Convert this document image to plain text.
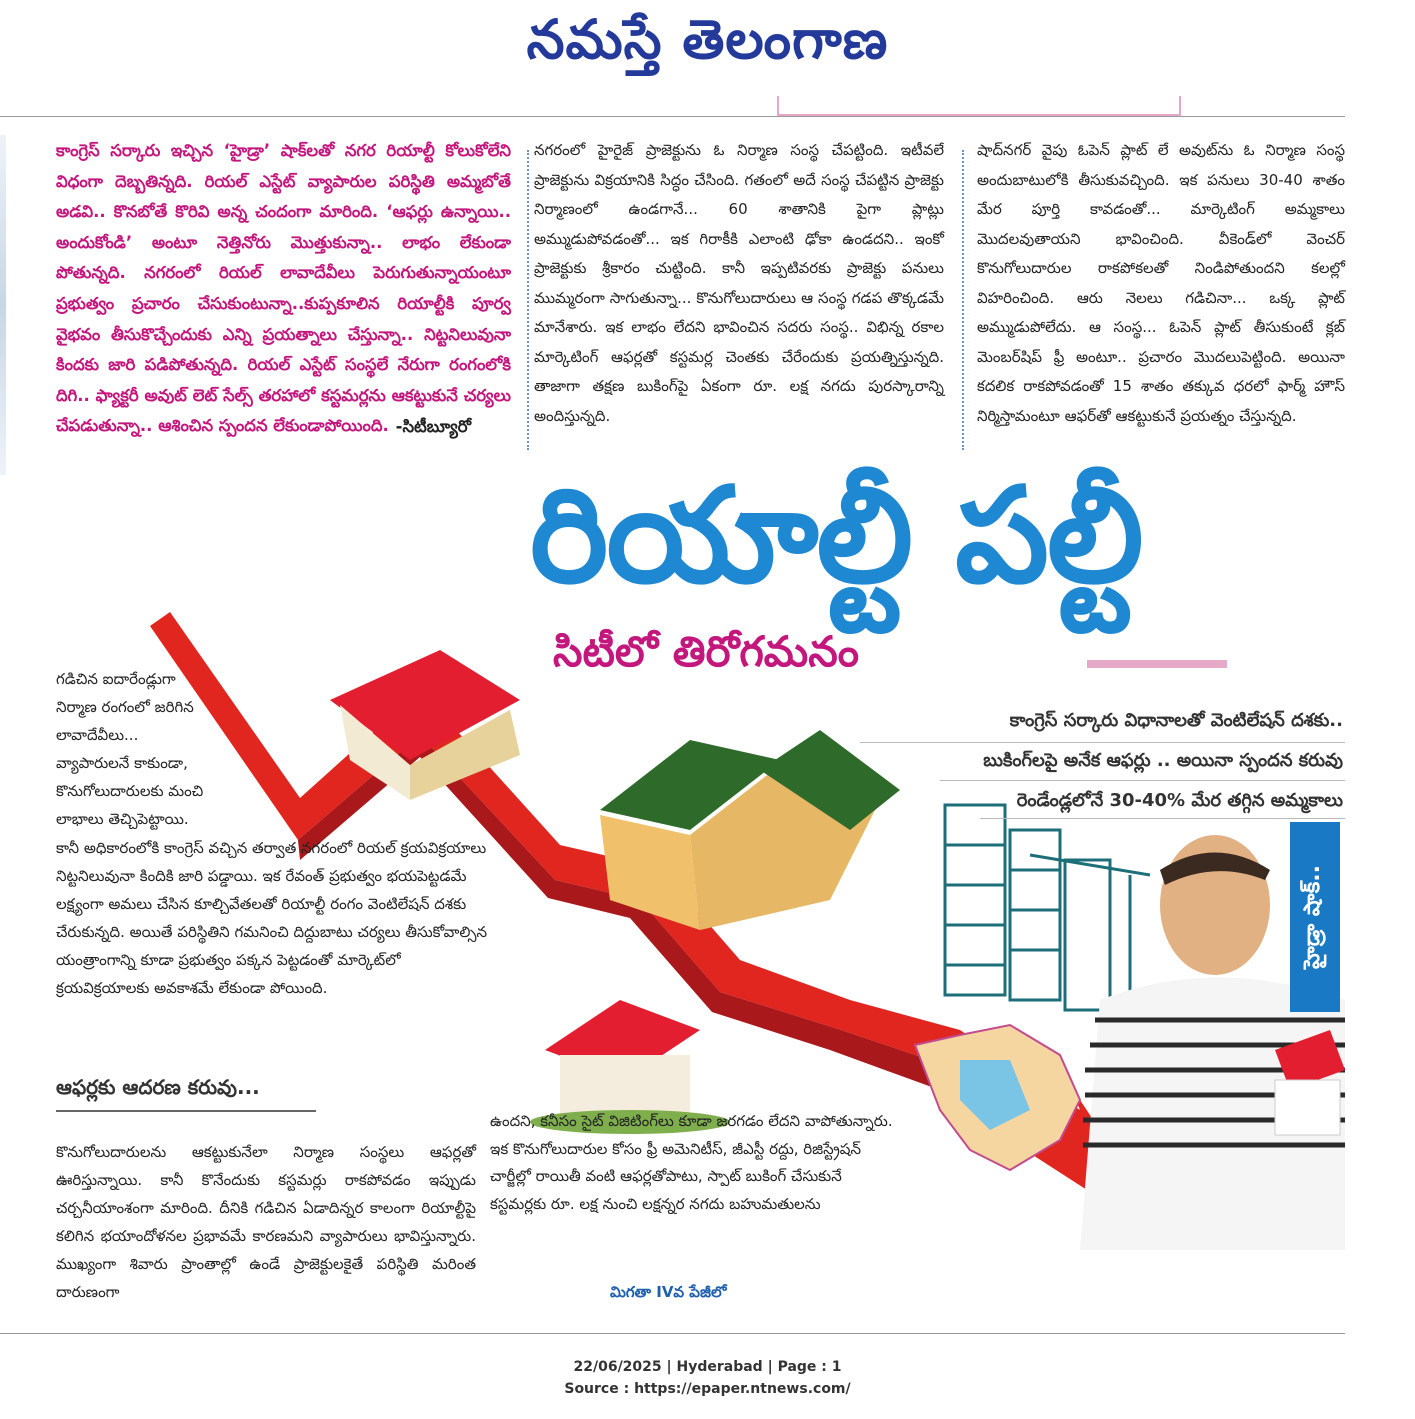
నమస్తే తెలంగాణ

కాంగ్రెస్ సర్కారు ఇచ్చిన ‘హైడ్రా’ షాక్‌లతో నగర రియాల్టీ కోలుకోలేని విధంగా దెబ్బతిన్నది. రియల్ ఎస్టేట్ వ్యాపారుల పరిస్థితి అమ్మబోతే అడవి.. కొనబోతే కొరివి అన్న చందంగా మారింది. ‘ఆఫర్లు ఉన్నాయి.. అందుకోండి’ అంటూ నెత్తినోరు మొత్తుకున్నా.. లాభం లేకుండా పోతున్నది. నగరంలో రియల్ లావాదేవీలు పెరుగుతున్నాయంటూ ప్రభుత్వం ప్రచారం చేసుకుంటున్నా..కుప్పకూలిన రియాల్టీకి పూర్వ వైభవం తీసుకొచ్చేందుకు ఎన్ని ప్రయత్నాలు చేస్తున్నా.. నిట్టనిలువునా కిందకు జారి పడిపోతున్నది. రియల్ ఎస్టేట్ సంస్థలే నేరుగా రంగంలోకి దిగి.. ఫ్యాక్టరీ అవుట్ లెట్ సేల్స్ తరహాలో కస్టమర్లను ఆకట్టుకునే చర్యలు చేపడుతున్నా.. ఆశించిన స్పందన లేకుండాపోయింది. -సిటీబ్యూరో
నగరంలో హైరైజ్ ప్రాజెక్టును ఓ నిర్మాణ సంస్థ చేపట్టింది. ఇటీవలే ప్రాజెక్టును విక్రయానికి సిద్ధం చేసింది. గతంలో అదే సంస్థ చేపట్టిన ప్రాజెక్టు నిర్మాణంలో ఉండగానే... 60 శాతానికి పైగా ప్లాట్లు అమ్ముడుపోవడంతో... ఇక గిరాకీకి ఎలాంటి ఢోకా ఉండదని.. ఇంకో ప్రాజెక్టుకు శ్రీకారం చుట్టింది. కానీ ఇప్పటివరకు ప్రాజెక్టు పనులు ముమ్మరంగా సాగుతున్నా... కొనుగోలుదారులు ఆ సంస్థ గడప తొక్కడమే మానేశారు. ఇక లాభం లేదని భావించిన సదరు సంస్థ.. విభిన్న రకాల మార్కెటింగ్ ఆఫర్లతో కస్టమర్ల చెంతకు చేరేందుకు ప్రయత్నిస్తున్నది. తాజాగా తక్షణ బుకింగ్‌పై ఏకంగా రూ. లక్ష నగదు పురస్కారాన్ని అందిస్తున్నది.
షాద్‌నగర్ వైపు ఓపెన్ ప్లాట్ లే అవుట్‌ను ఓ నిర్మాణ సంస్థ అందుబాటులోకి తీసుకువచ్చింది. ఇక పనులు 30-40 శాతం మేర పూర్తి కావడంతో... మార్కెటింగ్ అమ్మకాలు మొదలవుతాయని భావించింది. వీకెండ్‌లో వెంచర్ కొనుగోలుదారుల రాకపోకలతో నిండిపోతుందని కలల్లో విహరించింది. ఆరు నెలలు గడిచినా... ఒక్క ప్లాట్ అమ్ముడుపోలేదు. ఆ సంస్థ... ఓపెన్ ప్లాట్ తీసుకుంటే క్లబ్ మెంబర్‌షిప్ ఫ్రీ అంటూ.. ప్రచారం మొదలుపెట్టింది. అయినా కదలిక రాకపోవడంతో 15 శాతం తక్కువ ధరలో ఫార్మ్ హౌస్ నిర్మిస్తామంటూ ఆఫర్‌తో ఆకట్టుకునే ప్రయత్నం చేస్తున్నది.
రియాల్టీ పల్టీ
సిటీలో తిరోగమనం
కాంగ్రెస్ సర్కారు విధానాలతో వెంటిలేషన్ దశకు..
బుకింగ్‌లపై అనేక ఆఫర్లు .. అయినా స్పందన కరువు
రెండేండ్లలోనే 30-40% మేర తగ్గిన అమ్మకాలు
హైడ్రా షాక్..
గడిచిన ఐదారేండ్లుగా నిర్మాణ రంగంలో జరిగిన లావాదేవీలు... వ్యాపారులనే కాకుండా, కొనుగోలుదారులకు మంచి లాభాలు తెచ్చిపెట్టాయి.
కానీ అధికారంలోకి కాంగ్రెస్ వచ్చిన తర్వాత నగరంలో రియల్ క్రయవిక్రయాలు నిట్టనిలువునా కిందికి జారి పడ్డాయి. ఇక రేవంత్ ప్రభుత్వం భయపెట్టడమే లక్ష్యంగా అమలు చేసిన కూల్చివేతలతో రియాల్టీ రంగం వెంటిలేషన్ దశకు చేరుకున్నది. అయితే పరిస్థితిని గమనించి దిద్దుబాటు చర్యలు తీసుకోవాల్సిన యంత్రాంగాన్ని కూడా ప్రభుత్వం పక్కన పెట్టడంతో మార్కెట్‌లో క్రయవిక్రయాలకు అవకాశమే లేకుండా పోయింది.
ఆఫర్లకు ఆదరణ కరువు...
కొనుగోలుదారులను ఆకట్టుకునేలా నిర్మాణ సంస్థలు ఆఫర్లతో ఊరిస్తున్నాయి. కానీ కొనేందుకు కస్టమర్లు రాకపోవడం ఇప్పుడు చర్చనీయాంశంగా మారింది. దీనికి గడిచిన ఏడాదిన్నర కాలంగా రియాల్టీపై కలిగిన భయాందోళనల ప్రభావమే కారణమని వ్యాపారులు భావిస్తున్నారు. ముఖ్యంగా శివారు ప్రాంతాల్లో ఉండే ప్రాజెక్టులకైతే పరిస్థితి మరింత దారుణంగా
ఉందని, కనీసం సైట్ విజిటింగ్‌లు కూడా జరగడం లేదని వాపోతున్నారు. ఇక కొనుగోలుదారుల కోసం ఫ్రీ అమెనిటీస్, జీఎస్టీ రద్దు, రిజిస్ట్రేషన్ చార్జీల్లో రాయితీ వంటి ఆఫర్లతోపాటు, స్పాట్ బుకింగ్ చేసుకునే కస్టమర్లకు రూ. లక్ష నుంచి లక్షన్నర నగదు బహుమతులను
మిగతా IVవ పేజీలో
22/06/2025 | Hyderabad | Page : 1
Source : https://epaper.ntnews.com/
